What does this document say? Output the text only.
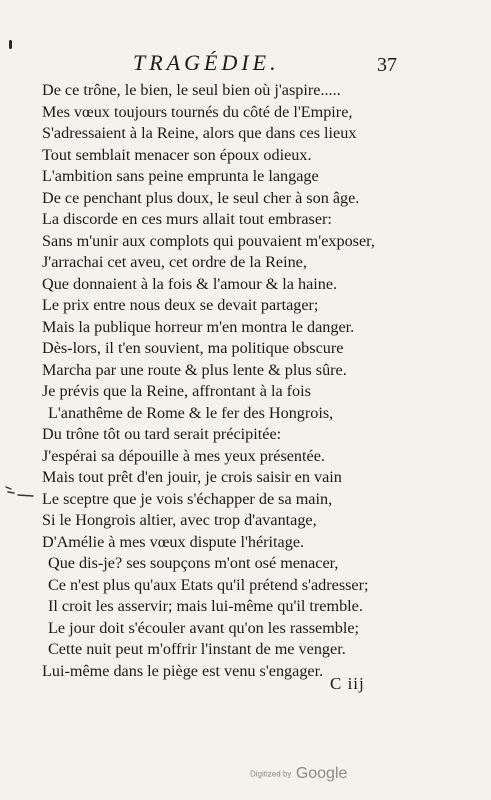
TRAGÉDIE.	37
De ce trône, le bien, le seul bien où j'aspire.....
Mes vœux toujours tournés du côté de l'Empire,
S'adressaient à la Reine, alors que dans ces lieux
Tout semblait menacer son époux odieux.
L'ambition sans peine emprunta le langage
De ce penchant plus doux, le seul cher à son âge.
La discorde en ces murs allait tout embraser:
Sans m'unir aux complots qui pouvaient m'exposer,
J'arrachai cet aveu, cet ordre de la Reine,
Que donnaient à la fois & l'amour & la haine.
Le prix entre nous deux se devait partager;
Mais la publique horreur m'en montra le danger.
Dès-lors, il t'en souvient, ma politique obscure
Marcha par une route & plus lente & plus sûre.
Je prévis que la Reine, affrontant à la fois
L'anathême de Rome & le fer des Hongrois,
Du trône tôt ou tard serait précipitée:
J'espérai sa dépouille à mes yeux présentée.
Mais tout prêt d'en jouir, je crois saisir en vain
Le sceptre que je vois s'échapper de sa main,
Si le Hongrois altier, avec trop d'avantage,
D'Amélie à mes vœux dispute l'héritage.
Que dis-je? ses soupçons m'ont osé menacer,
Ce n'est plus qu'aux Etats qu'il prétend s'adresser;
Il croit les asservir; mais lui-même qu'il tremble.
Le jour doit s'écouler avant qu'on les rassemble;
Cette nuit peut m'offrir l'instant de me venger.
Lui-même dans le piège est venu s'engager.
C iij
Digitized by Google
